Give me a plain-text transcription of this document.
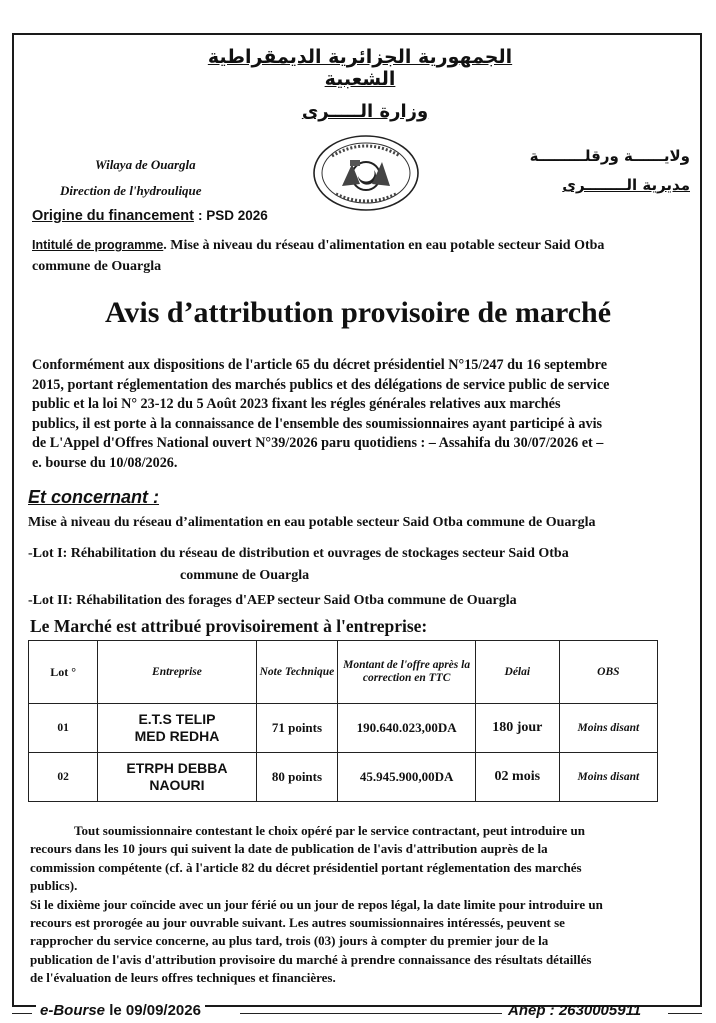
الجمهورية الجزائرية الديمقراطية الشعبية
وزارة الـــــرى
Wilaya de Ouargla
Direction de l'hydroulique
ولايــــــة ورقلـــــــــة
مديرية الــــــــرى
Origine du financement : PSD 2026
Intitulé de programme. Mise à niveau du réseau d'alimentation en eau potable secteur Said Otba
commune de Ouargla
Avis d’attribution provisoire de marché
Conformément aux dispositions de l'article 65 du décret présidentiel N°15/247 du 16 septembre
2015, portant réglementation des marchés publics et des délégations de service public de service
public et la loi N° 23-12 du 5 Août 2023 fixant les régles générales relatives aux marchés
publics, il est porte à la connaissance de l'ensemble des soumissionnaires ayant participé à avis
de L'Appel d'Offres National ouvert N°39/2026 paru quotidiens : – Assahifa du 30/07/2026 et –
e. bourse du 10/08/2026.
Et concernant :
Mise à niveau du réseau d’alimentation en eau potable secteur Said Otba commune de Ouargla
-Lot I: Réhabilitation du réseau de distribution et ouvrages de stockages secteur Said Otba
commune de Ouargla
-Lot II: Réhabilitation des forages d'AEP secteur Said Otba commune de Ouargla
Le Marché est attribué provisoirement à l'entreprise:
Lot °	Entreprise	Note Technique	Montant de l'offre après la correction en TTC	Délai	OBS
01	E.T.S TELIP
MED REDHA	71 points	190.640.023,00DA	180 jour	Moins disant
02	ETRPH DEBBA
NAOURI	80 points	45.945.900,00DA	02 mois	Moins disant
Tout soumissionnaire contestant le choix opéré par le service contractant, peut introduire un
recours dans les 10 jours qui suivent la date de publication de l'avis d'attribution auprès de la
commission compétente (cf. à l'article 82 du décret présidentiel portant réglementation des marchés
publics).
Si le dixième jour coïncide avec un jour férié ou un jour de repos légal, la date limite pour introduire un
recours est prorogée au jour ouvrable suivant. Les autres soumissionnaires intéressés, peuvent se
rapprocher du service concerne, au plus tard, trois (03) jours à compter du premier jour de la
publication de l'avis d'attribution provisoire du marché à prendre connaissance des résultats détaillés
de l'évaluation de leurs offres techniques et financières.
e-Bourse le 09/09/2026	Anep : 2630005911
